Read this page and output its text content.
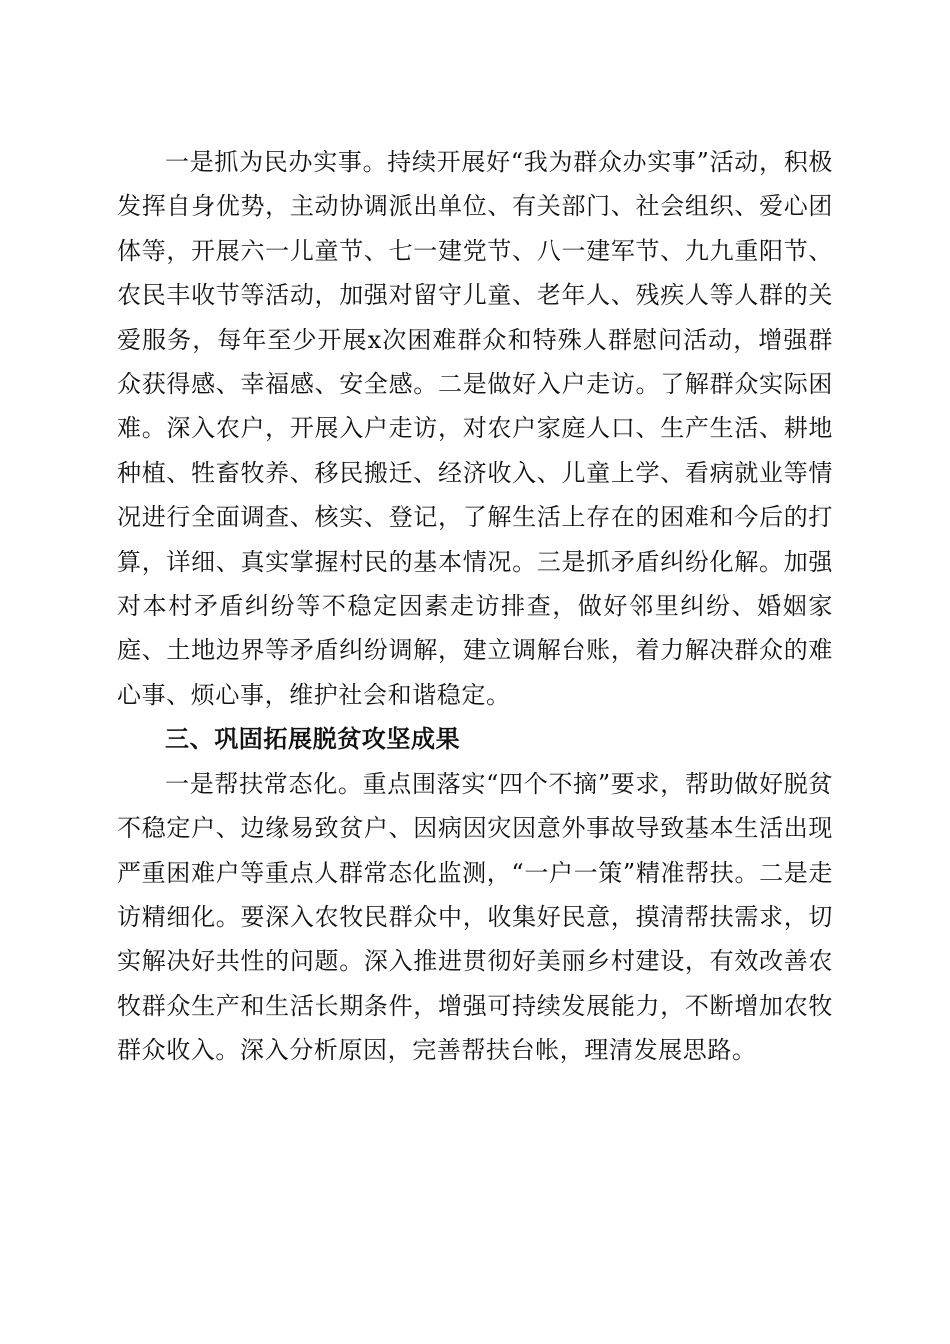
一是抓为民办实事。持续开展好“我为群众办实事”活动，积极发挥自身优势，主动协调派出单位、有关部门、社会组织、爱心团体等，开展六一儿童节、七一建党节、八一建军节、九九重阳节、农民丰收节等活动，加强对留守儿童、老年人、残疾人等人群的关爱服务，每年至少开展x次困难群众和特殊人群慰问活动，增强群众获得感、幸福感、安全感。二是做好入户走访。了解群众实际困难。深入农户，开展入户走访，对农户家庭人口、生产生活、耕地种植、牲畜牧养、移民搬迁、经济收入、儿童上学、看病就业等情况进行全面调查、核实、登记，了解生活上存在的困难和今后的打算，详细、真实掌握村民的基本情况。三是抓矛盾纠纷化解。加强对本村矛盾纠纷等不稳定因素走访排查，做好邻里纠纷、婚姻家庭、土地边界等矛盾纠纷调解，建立调解台账，着力解决群众的难心事、烦心事，维护社会和谐稳定。

三、巩固拓展脱贫攻坚成果

一是帮扶常态化。重点围落实“四个不摘”要求，帮助做好脱贫不稳定户、边缘易致贫户、因病因灾因意外事故导致基本生活出现严重困难户等重点人群常态化监测，“一户一策”精准帮扶。二是走访精细化。要深入农牧民群众中，收集好民意，摸清帮扶需求，切实解决好共性的问题。深入推进贯彻好美丽乡村建设，有效改善农牧群众生产和生活长期条件，增强可持续发展能力，不断增加农牧群众收入。深入分析原因，完善帮扶台帐，理清发展思路。
